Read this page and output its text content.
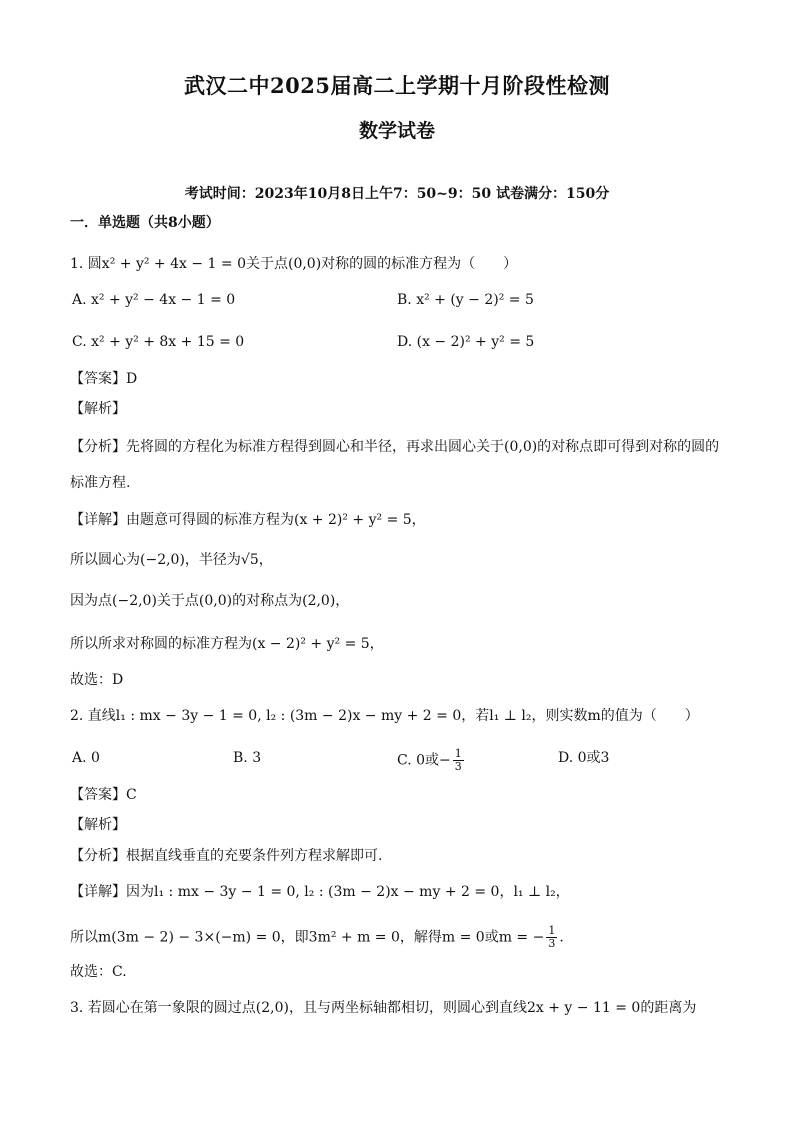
武汉二中2025届高二上学期十月阶段性检测
数学试卷
考试时间：2023年10月8日上午7：50~9：50 试卷满分：150分
一．单选题（共8小题）
1. 圆x² + y² + 4x − 1 = 0关于点(0,0)对称的圆的标准方程为（　　）
A. x² + y² − 4x − 1 = 0	B. x² + (y − 2)² = 5
C. x² + y² + 8x + 15 = 0	D. (x − 2)² + y² = 5
【答案】D
【解析】
【分析】先将圆的方程化为标准方程得到圆心和半径，再求出圆心关于(0,0)的对称点即可得到对称的圆的
标准方程.
【详解】由题意可得圆的标准方程为(x + 2)² + y² = 5，
所以圆心为(−2,0)，半径为√5，
因为点(−2,0)关于点(0,0)的对称点为(2,0)，
所以所求对称圆的标准方程为(x − 2)² + y² = 5，
故选：D
2. 直线l₁ : mx − 3y − 1 = 0, l₂ : (3m − 2)x − my + 2 = 0，若l₁ ⊥ l₂，则实数m的值为（　　）
A. 0	B. 3	C. 0或− $\frac{1}{3}$	D. 0或3
【答案】C
【解析】
【分析】根据直线垂直的充要条件列方程求解即可.
【详解】因为l₁ : mx − 3y − 1 = 0, l₂ : (3m − 2)x − my + 2 = 0，l₁ ⊥ l₂，
所以m(3m − 2) − 3×(−m) = 0，即3m² + m = 0，解得m = 0或m = − $\frac{1}{3}$ .
故选：C.
3. 若圆心在第一象限的圆过点(2,0)，且与两坐标轴都相切，则圆心到直线2x + y − 11 = 0的距离为
